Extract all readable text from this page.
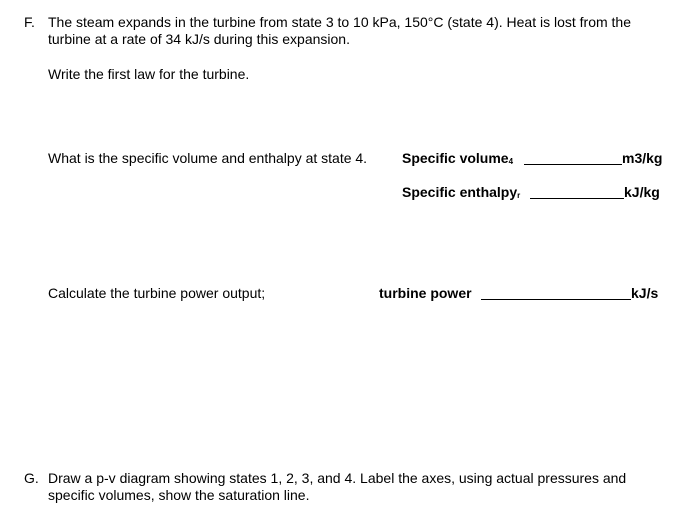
F. The steam expands in the turbine from state 3 to 10 kPa, 150°C (state 4). Heat is lost from the
turbine at a rate of 34 kJ/s during this expansion.
Write the first law for the turbine.
What is the specific volume and enthalpy at state 4. Specific volume$_4$	m3/kg
Specific enthalpy$_r$	kJ/kg
Calculate the turbine power output;	turbine power	kJ/s
G. Draw a p-v diagram showing states 1, 2, 3, and 4. Label the axes, using actual pressures and
specific volumes, show the saturation line.
